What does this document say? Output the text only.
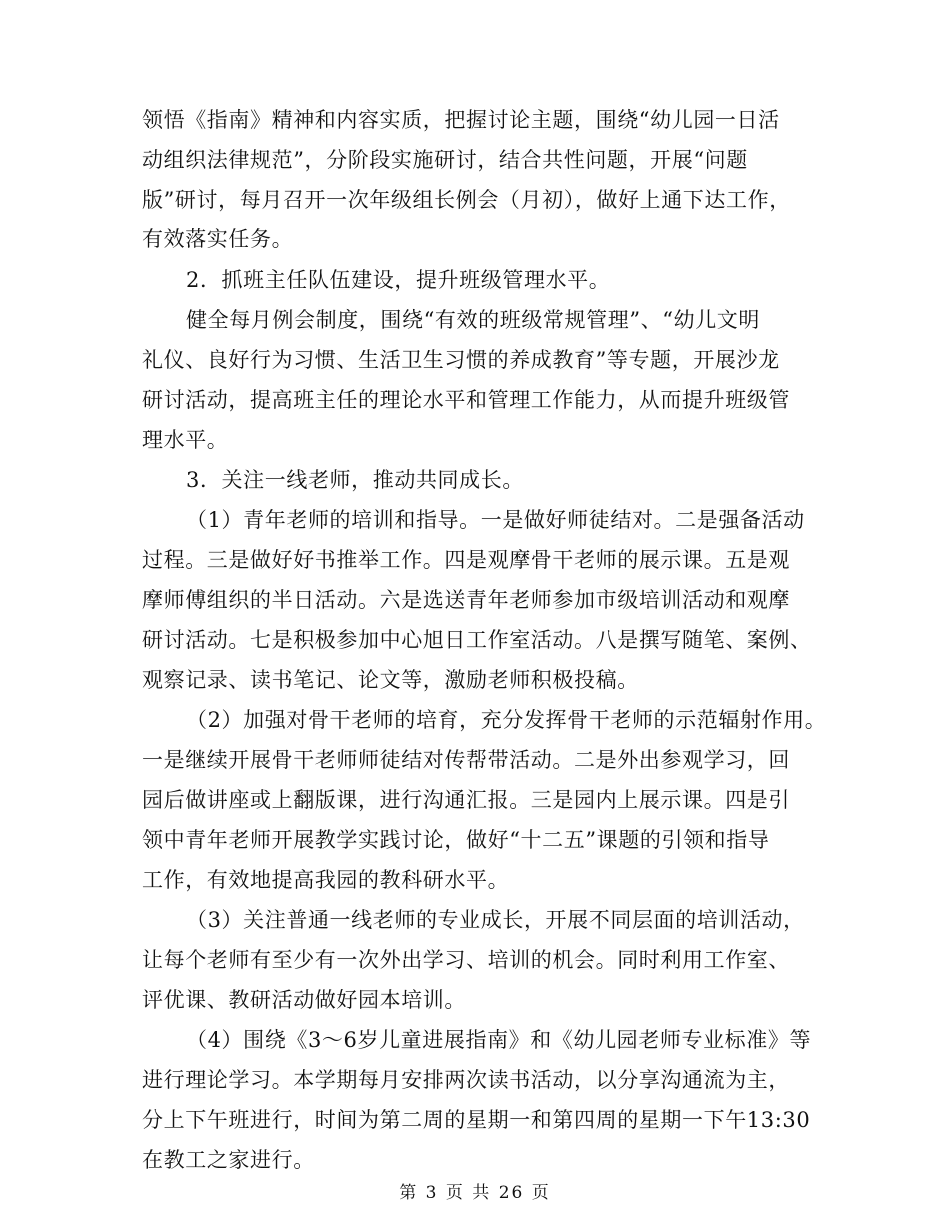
领悟《指南》精神和内容实质，把握讨论主题，围绕“幼儿园一日活
动组织法律规范”，分阶段实施研讨，结合共性问题，开展“问题
版”研讨，每月召开一次年级组长例会（月初），做好上通下达工作，
有效落实任务。
2．抓班主任队伍建设，提升班级管理水平。
健全每月例会制度，围绕“有效的班级常规管理”、“幼儿文明
礼仪、良好行为习惯、生活卫生习惯的养成教育”等专题，开展沙龙
研讨活动，提高班主任的理论水平和管理工作能力，从而提升班级管
理水平。
3．关注一线老师，推动共同成长。
（1）青年老师的培训和指导。一是做好师徒结对。二是强备活动
过程。三是做好好书推举工作。四是观摩骨干老师的展示课。五是观
摩师傅组织的半日活动。六是选送青年老师参加市级培训活动和观摩
研讨活动。七是积极参加中心旭日工作室活动。八是撰写随笔、案例、
观察记录、读书笔记、论文等，激励老师积极投稿。
（2）加强对骨干老师的培育，充分发挥骨干老师的示范辐射作用。
一是继续开展骨干老师师徒结对传帮带活动。二是外出参观学习，回
园后做讲座或上翻版课，进行沟通汇报。三是园内上展示课。四是引
领中青年老师开展教学实践讨论，做好“十二五”课题的引领和指导
工作，有效地提高我园的教科研水平。
（3）关注普通一线老师的专业成长，开展不同层面的培训活动，
让每个老师有至少有一次外出学习、培训的机会。同时利用工作室、
评优课、教研活动做好园本培训。
（4）围绕《3～6岁儿童进展指南》和《幼儿园老师专业标准》等
进行理论学习。本学期每月安排两次读书活动，以分享沟通流为主，
分上下午班进行，时间为第二周的星期一和第四周的星期一下午13:30
在教工之家进行。
第 3 页 共 26 页
